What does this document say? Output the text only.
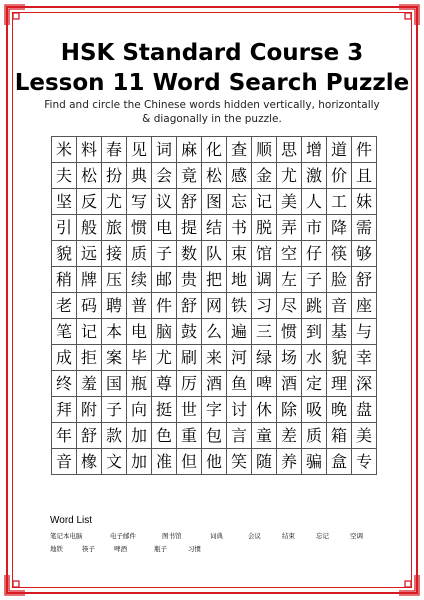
HSK Standard Course 3
Lesson 11 Word Search Puzzle
Find and circle the Chinese words hidden vertically, horizontally & diagonally in the puzzle.
米 料 春 见 词 麻 化 查 顺 思 增 道 件
夫 松 扮 典 会 竟 松 感 金 尤 激 价 且
坚 反 尤 写 议 舒 图 忘 记 美 人 工 妹
引 般 旅 惯 电 提 结 书 脱 弄 市 降 需
貌 远 接 质 子 数 队 束 馆 空 仔 筷 够
稍 牌 压 续 邮 贵 把 地 调 左 子 脸 舒
老 码 聘 普 件 舒 网 铁 习 尽 跳 音 座
笔 记 本 电 脑 鼓 么 遍 三 惯 到 基 与
成 拒 案 毕 尤 刷 来 河 绿 场 水 貌 幸
终 羞 国 瓶 尊 厉 酒 鱼 啤 酒 定 理 深
拜 附 子 向 挺 世 字 讨 休 除 吸 晚 盘
年 舒 款 加 色 重 包 言 童 差 质 箱 美
音 橡 文 加 准 但 他 笑 随 养 骗 盒 专
Word List
笔记本电脑	电子邮件	图书馆	词典	会议	结束	忘记	空调
地铁	筷子	啤酒	瓶子	习惯
